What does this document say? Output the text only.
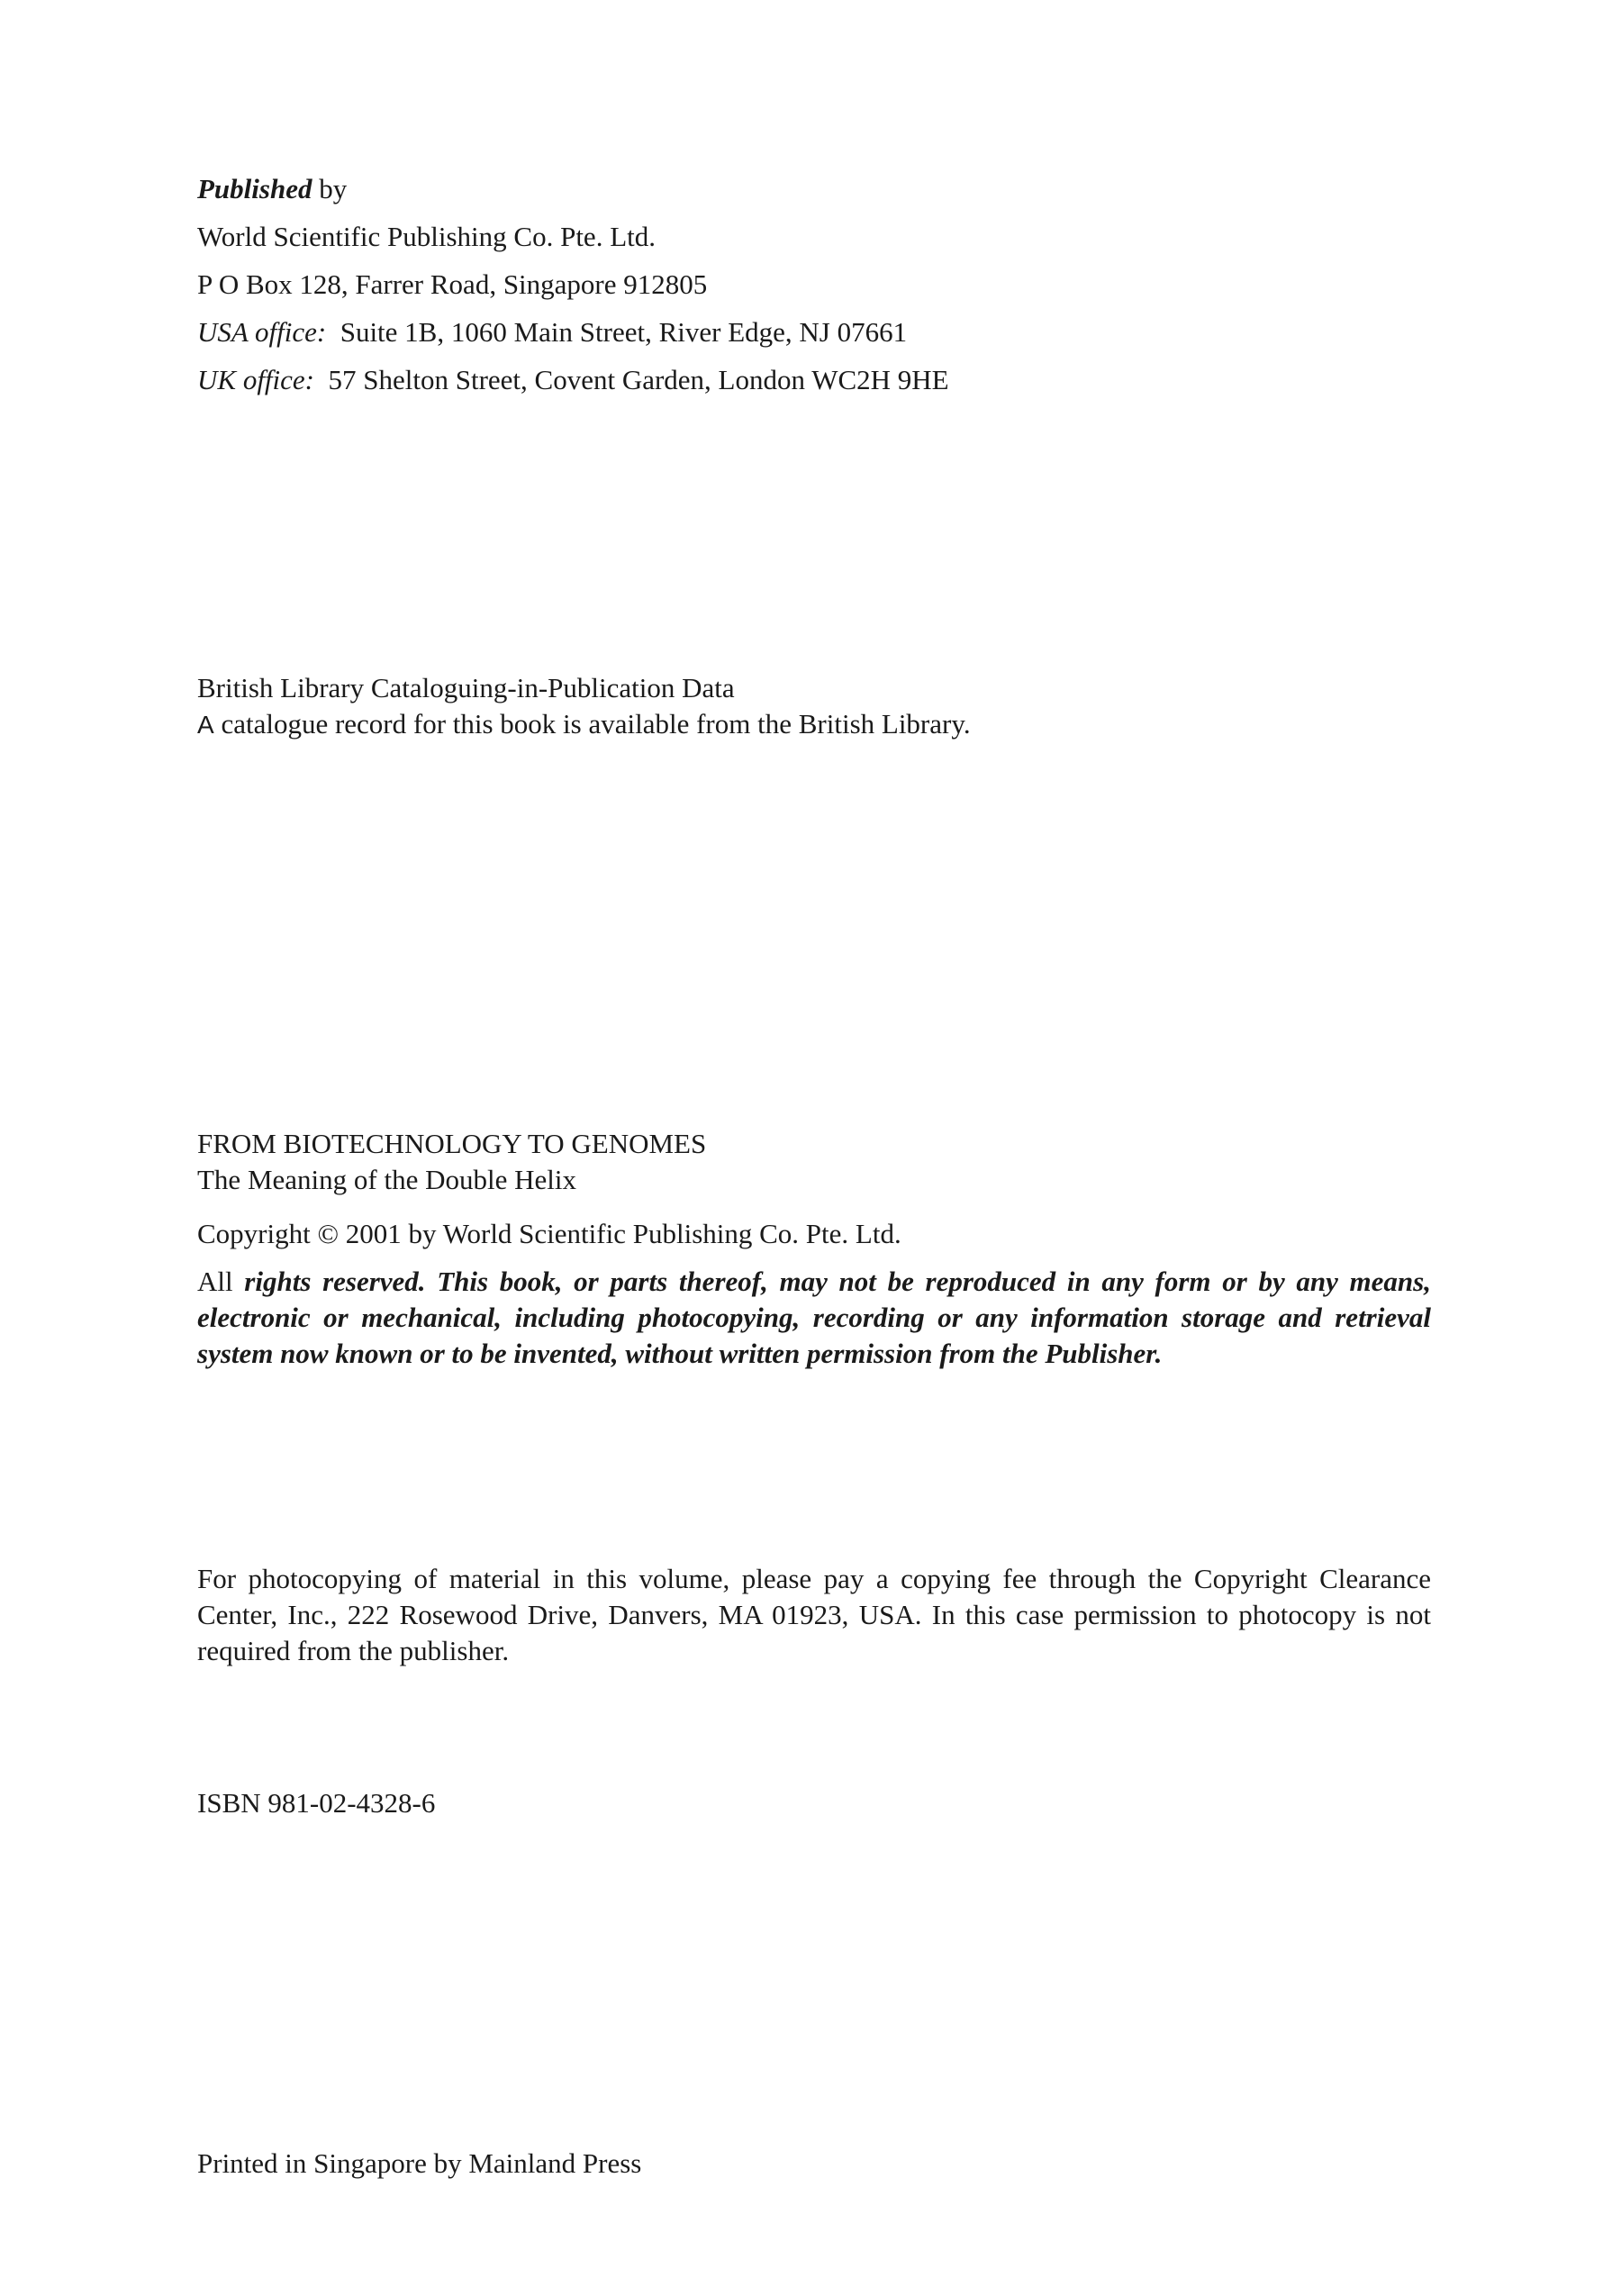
Published by
World Scientific Publishing Co. Pte. Ltd.
P O Box 128, Farrer Road, Singapore 912805
USA office: Suite 1B, 1060 Main Street, River Edge, NJ 07661
UK office: 57 Shelton Street, Covent Garden, London WC2H 9HE
British Library Cataloguing-in-Publication Data
A catalogue record for this book is available from the British Library.
FROM BIOTECHNOLOGY TO GENOMES
The Meaning of the Double Helix
Copyright © 2001 by World Scientific Publishing Co. Pte. Ltd.
All rights reserved. This book, or parts thereof, may not be reproduced in any form or by any means, electronic or mechanical, including photocopying, recording or any information storage and retrieval system now known or to be invented, without written permission from the Publisher.
For photocopying of material in this volume, please pay a copying fee through the Copyright Clearance Center, Inc., 222 Rosewood Drive, Danvers, MA 01923, USA. In this case permission to photocopy is not required from the publisher.
ISBN 981-02-4328-6
Printed in Singapore by Mainland Press
